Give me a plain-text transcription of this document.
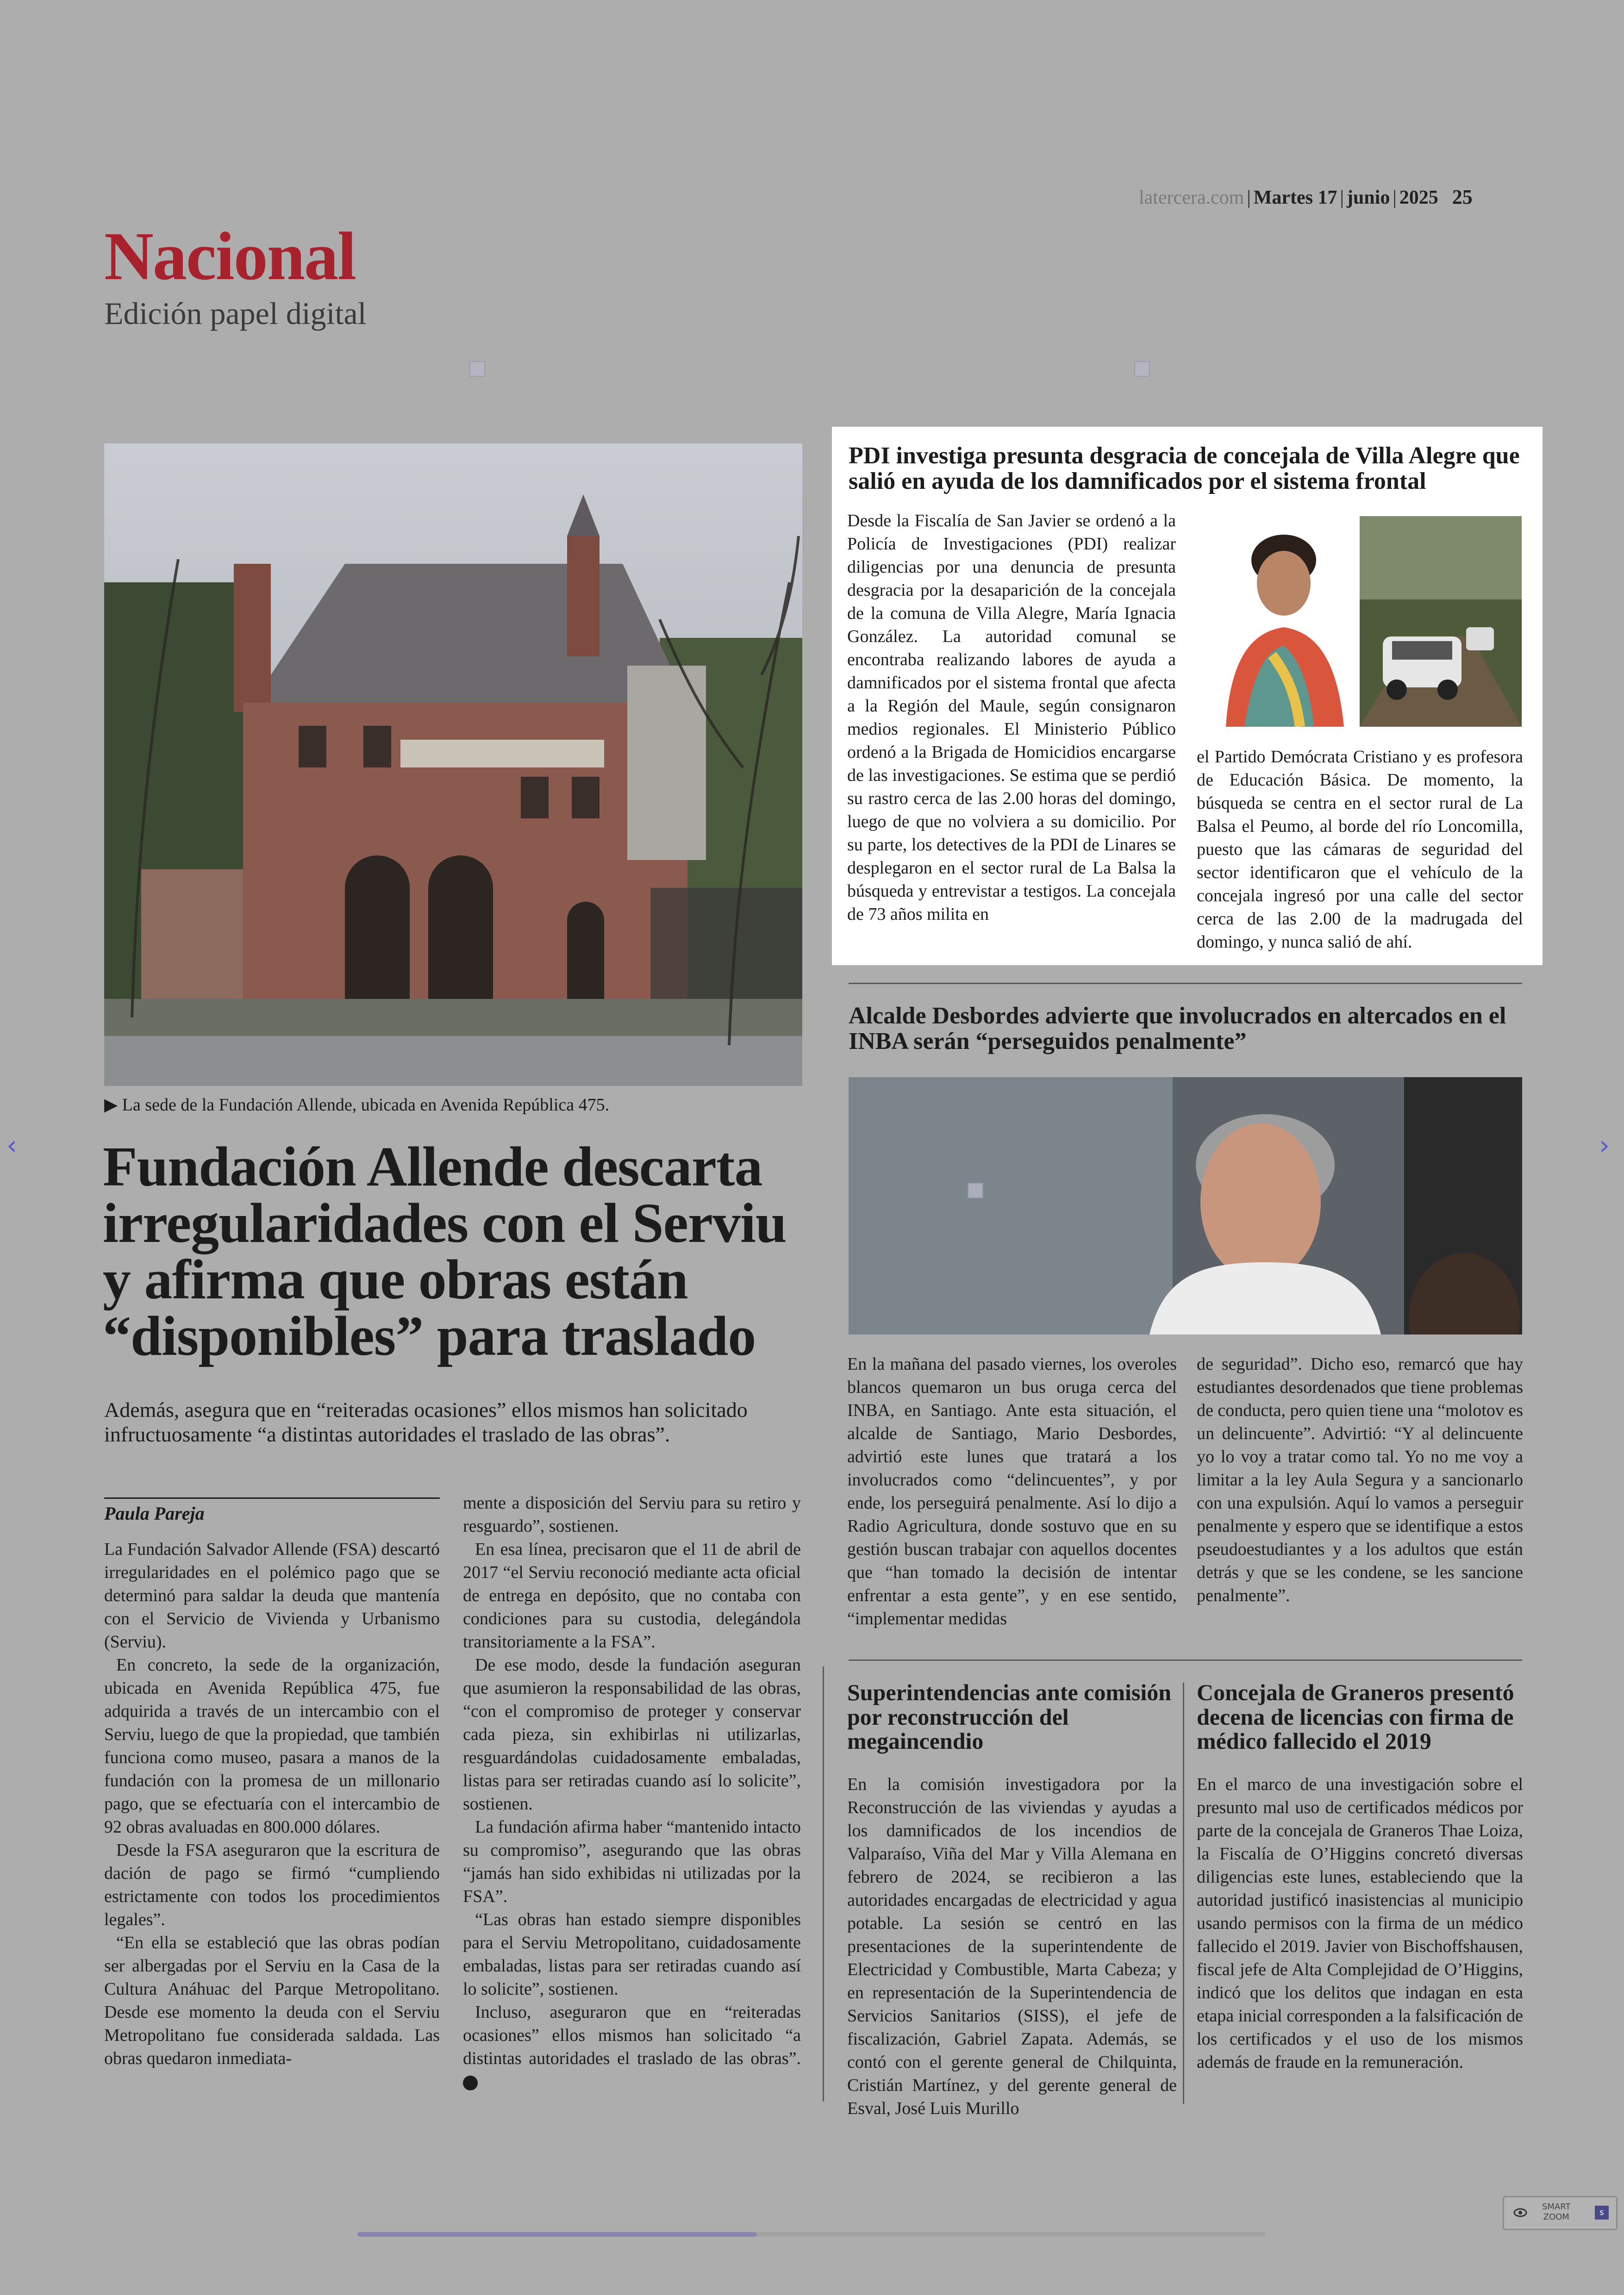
latercera.com | Martes 17 | junio | 2025 25
Nacional
Edición papel digital
▶ La sede de la Fundación Allende, ubicada en Avenida República 475.
Fundación Allende descarta irregularidades con el Serviu y afirma que obras están “disponibles” para traslado
Además, asegura que en “reiteradas ocasiones” ellos mismos han solicitado infructuosamente “a distintas autoridades el traslado de las obras”.
Paula Pareja

La Fundación Salvador Allende (FSA) descartó irregularidades en el polémico pago que se determinó para saldar la deuda que mantenía con el Servicio de Vivienda y Urbanismo (Serviu).

En concreto, la sede de la organización, ubicada en Avenida República 475, fue adquirida a través de un intercambio con el Serviu, luego de que la propiedad, que también funciona como museo, pasara a manos de la fundación con la promesa de un millonario pago, que se efectuaría con el intercambio de 92 obras avaluadas en 800.000 dólares.

Desde la FSA aseguraron que la escritura de dación de pago se firmó “cumpliendo estrictamente con todos los procedimientos legales”.

“En ella se estableció que las obras podían ser albergadas por el Serviu en la Casa de la Cultura Anáhuac del Parque Metropolitano. Desde ese momento la deuda con el Serviu Metropolitano fue considerada saldada. Las obras quedaron inmediata-

mente a disposición del Serviu para su retiro y resguardo”, sostienen.

En esa línea, precisaron que el 11 de abril de 2017 “el Serviu reconoció mediante acta oficial de entrega en depósito, que no contaba con condiciones para su custodia, delegándola transitoriamente a la FSA”.

De ese modo, desde la fundación aseguran que asumieron la responsabilidad de las obras, “con el compromiso de proteger y conservar cada pieza, sin exhibirlas ni utilizarlas, resguardándolas cuidadosamente embaladas, listas para ser retiradas cuando así lo solicite”, sostienen.

La fundación afirma haber “mantenido intacto su compromiso”, asegurando que las obras “jamás han sido exhibidas ni utilizadas por la FSA”.

“Las obras han estado siempre disponibles para el Serviu Metropolitano, cuidadosamente embaladas, listas para ser retiradas cuando así lo solicite”, sostienen.

Incluso, aseguraron que en “reiteradas ocasiones” ellos mismos han solicitado “a distintas autoridades el traslado de las obras”.

PDI investiga presunta desgracia de concejala de Villa Alegre que salió en ayuda de los damnificados por el sistema frontal

Desde la Fiscalía de San Javier se ordenó a la Policía de Investigaciones (PDI) realizar diligencias por una denuncia de presunta desgracia por la desaparición de la concejala de la comuna de Villa Alegre, María Ignacia González. La autoridad comunal se encontraba realizando labores de ayuda a damnificados por el sistema frontal que afecta a la Región del Maule, según consignaron medios regionales. El Ministerio Público ordenó a la Brigada de Homicidios encargarse de las investigaciones. Se estima que se perdió su rastro cerca de las 2.00 horas del domingo, luego de que no volviera a su domicilio. Por su parte, los detectives de la PDI de Linares se desplegaron en el sector rural de La Balsa la búsqueda y entrevistar a testigos. La concejala de 73 años milita en

el Partido Demócrata Cristiano y es profesora de Educación Básica. De momento, la búsqueda se centra en el sector rural de La Balsa el Peumo, al borde del río Loncomilla, puesto que las cámaras de seguridad del sector identificaron que el vehículo de la concejala ingresó por una calle del sector cerca de las 2.00 de la madrugada del domingo, y nunca salió de ahí.

Alcalde Desbordes advierte que involucrados en altercados en el INBA serán “perseguidos penalmente”

En la mañana del pasado viernes, los overoles blancos quemaron un bus oruga cerca del INBA, en Santiago. Ante esta situación, el alcalde de Santiago, Mario Desbordes, advirtió este lunes que tratará a los involucrados como “delincuentes”, y por ende, los perseguirá penalmente. Así lo dijo a Radio Agricultura, donde sostuvo que en su gestión buscan trabajar con aquellos docentes que “han tomado la decisión de intentar enfrentar a esta gente”, y en ese sentido, “implementar medidas

de seguridad”. Dicho eso, remarcó que hay estudiantes desordenados que tiene problemas de conducta, pero quien tiene una “molotov es un delincuente”. Advirtió: “Y al delincuente yo lo voy a tratar como tal. Yo no me voy a limitar a la ley Aula Segura y a sancionarlo con una expulsión. Aquí lo vamos a perseguir penalmente y espero que se identifique a estos pseudoestudiantes y a los adultos que están detrás y que se les condene, se les sancione penalmente”.

Superintendencias ante comisión por reconstrucción del megaincendio

En la comisión investigadora por la Reconstrucción de las viviendas y ayudas a los damnificados de los incendios de Valparaíso, Viña del Mar y Villa Alemana en febrero de 2024, se recibieron a las autoridades encargadas de electricidad y agua potable. La sesión se centró en las presentaciones de la superintendente de Electricidad y Combustible, Marta Cabeza; y en representación de la Superintendencia de Servicios Sanitarios (SISS), el jefe de fiscalización, Gabriel Zapata. Además, se contó con el gerente general de Chilquinta, Cristián Martínez, y del gerente general de Esval, José Luis Murillo

Concejala de Graneros presentó decena de licencias con firma de médico fallecido el 2019

En el marco de una investigación sobre el presunto mal uso de certificados médicos por parte de la concejala de Graneros Thae Loiza, la Fiscalía de O’Higgins concretó diversas diligencias este lunes, estableciendo que la autoridad justificó inasistencias al municipio usando permisos con la firma de un médico fallecido el 2019. Javier von Bischoffshausen, fiscal jefe de Alta Complejidad de O’Higgins, indicó que los delitos que indagan en esta etapa inicial corresponden a la falsificación de los certificados y el uso de los mismos además de fraude en la remuneración.

‹	›
SMART
ZOOM	s
